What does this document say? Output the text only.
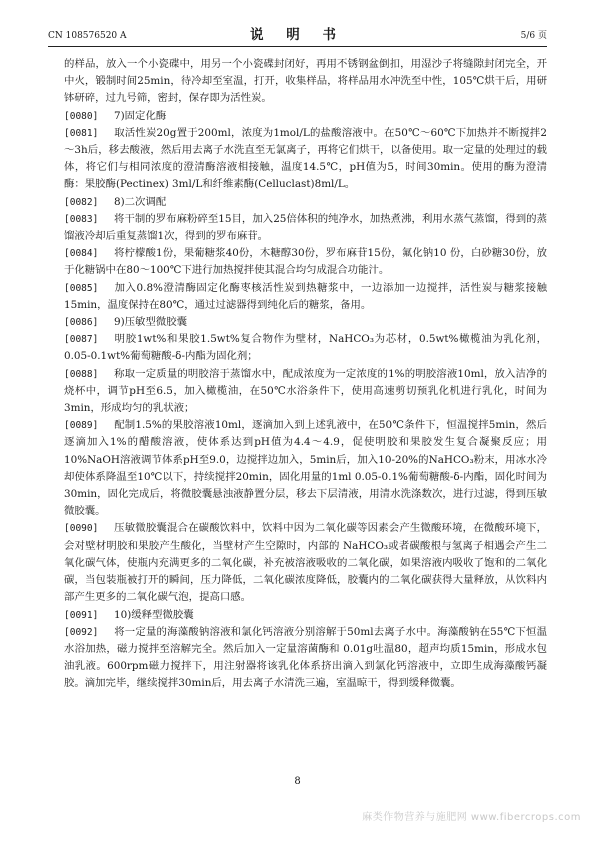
CN 108576520 A	说 明 书	5/6 页

的样品，放入一个小瓷碟中，用另一个小瓷碟封闭好，再用不锈钢盆倒扣，用湿沙子将缝隙封闭完全，开中火，锻制时间25min，待冷却至室温，打开，收集样品，将样品用水冲洗至中性，105℃烘干后，用研钵研碎，过九号筛，密封，保存即为活性炭。

[0080] 7)固定化酶

[0081] 取活性炭20g置于200ml，浓度为1mol/L的盐酸溶液中。在50℃～60℃下加热并不断搅拌2～3h后，移去酸液，然后用去离子水洗直至无氯离子，再将它们烘干，以备使用。取一定量的处理过的载体，将它们与相同浓度的澄清酶溶液相接触，温度14.5℃，pH值为5，时间30min。使用的酶为澄清酶：果胶酶(Pectinex) 3ml/L和纤维素酶(Celluclast)8ml/L。

[0082] 8)二次调配

[0083] 将干制的罗布麻粉碎至15目，加入25倍体积的纯净水，加热煮沸，利用水蒸气蒸馏，得到的蒸馏液冷却后重复蒸馏1次，得到的罗布麻苷。

[0084] 将柠檬酸1份，果葡糖浆40份，木糖醇30份，罗布麻苷15份，氟化钠10 份，白砂糖30份，放于化糖锅中在80～100℃下进行加热搅拌使其混合均匀成混合功能汁。

[0085] 加入0.8%澄清酶固定化酶枣核活性炭到热糖浆中，一边添加一边搅拌，活性炭与糖浆接触15min，温度保持在80℃，通过过滤器得到纯化后的糖浆，备用。

[0086] 9)压敏型微胶囊

[0087] 明胶1wt%和果胶1.5wt%复合物作为壁材，NaHCO₃为芯材，0.5wt%橄榄油为乳化剂，0.05-0.1wt%葡萄糖酸-δ-内酯为固化剂；

[0088] 称取一定质量的明胶溶于蒸馏水中，配成浓度为一定浓度的1%的明胶溶液10ml，放入洁净的烧杯中，调节pH至6.5，加入橄榄油，在50℃水浴条件下，使用高速剪切预乳化机进行乳化，时间为3min，形成均匀的乳状液；

[0089] 配制1.5%的果胶溶液10ml，逐滴加入到上述乳液中，在50℃条件下，恒温搅拌5min，然后逐滴加入1%的醋酸溶液，使体系达到pH值为4.4～4.9，促使明胶和果胶发生复合凝聚反应；用10%NaOH溶液调节体系pH至9.0，边搅拌边加入，5min后，加入10-20%的NaHCO₃粉末，用冰水冷却使体系降温至10℃以下，持续搅拌20min，固化用量的1ml 0.05-0.1%葡萄糖酸-δ-内酯，固化时间为30min，固化完成后，将微胶囊悬浊液静置分层，移去下层清液，用清水洗涤数次，进行过滤，得到压敏微胶囊。

[0090] 压敏微胶囊混合在碳酸饮料中，饮料中因为二氧化碳等因素会产生微酸环境，在微酸环境下，会对壁材明胶和果胶产生酸化，当壁材产生空隙时，内部的 NaHCO₃或者碳酸根与氢离子相遇会产生二氧化碳气体，使瓶内充满更多的二氧化碳，补充被溶液吸收的二氧化碳，如果溶液内吸收了饱和的二氧化碳，当包装瓶被打开的瞬间，压力降低，二氧化碳浓度降低，胶囊内的二氧化碳获得大量释放，从饮料内部产生更多的二氧化碳气泡，提高口感。

[0091] 10)缓释型微胶囊

[0092] 将一定量的海藻酸钠溶液和氯化钙溶液分别溶解于50ml去离子水中。海藻酸钠在55℃下恒温水浴加热，磁力搅拌至溶解完全。然后加入一定量溶菌酶和 0.01g吐温80，超声均质15min，形成水包油乳液。600rpm磁力搅拌下，用注射器将该乳化体系挤出滴入到氯化钙溶液中，立即生成海藻酸钙凝胶。滴加完毕，继续搅拌30min后，用去离子水清洗三遍，室温晾干，得到缓释微囊。

8
麻类作物营养与施肥网 www.fibercrops.com
